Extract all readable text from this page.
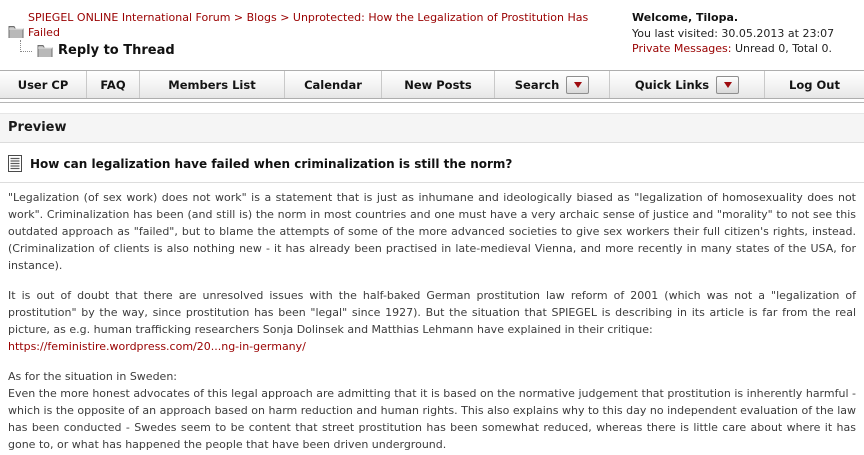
SPIEGEL ONLINE International Forum > Blogs > Unprotected: How the Legalization of Prostitution Has Failed
Reply to Thread
Welcome, Tilopa.
You last visited: 30.05.2013 at 23:07
Private Messages: Unread 0, Total 0.
User CP	FAQ	Members List	Calendar	New Posts	Search	Quick Links	Log Out
Preview
How can legalization have failed when criminalization is still the norm?

"Legalization (of sex work) does not work" is a statement that is just as inhumane and ideologically biased as "legalization of homosexuality does not work". Criminalization has been (and still is) the norm in most countries and one must have a very archaic sense of justice and "morality" to not see this outdated approach as "failed", but to blame the attempts of some of the more advanced societies to give sex workers their full citizen's rights, instead. (Criminalization of clients is also nothing new - it has already been practised in late-medieval Vienna, and more recently in many states of the USA, for instance).

It is out of doubt that there are unresolved issues with the half-baked German prostitution law reform of 2001 (which was not a "legalization of prostitution" by the way, since prostitution has been "legal" since 1927). But the situation that SPIEGEL is describing in its article is far from the real picture, as e.g. human trafficking researchers Sonja Dolinsek and Matthias Lehmann have explained in their critique:
https://feministire.wordpress.com/20...ng-in-germany/

As for the situation in Sweden:
Even the more honest advocates of this legal approach are admitting that it is based on the normative judgement that prostitution is inherently harmful - which is the opposite of an approach based on harm reduction and human rights. This also explains why to this day no independent evaluation of the law has been conducted - Swedes seem to be content that street prostitution has been somewhat reduced, whereas there is little care about where it has gone to, or what has happened the people that have been driven underground.
